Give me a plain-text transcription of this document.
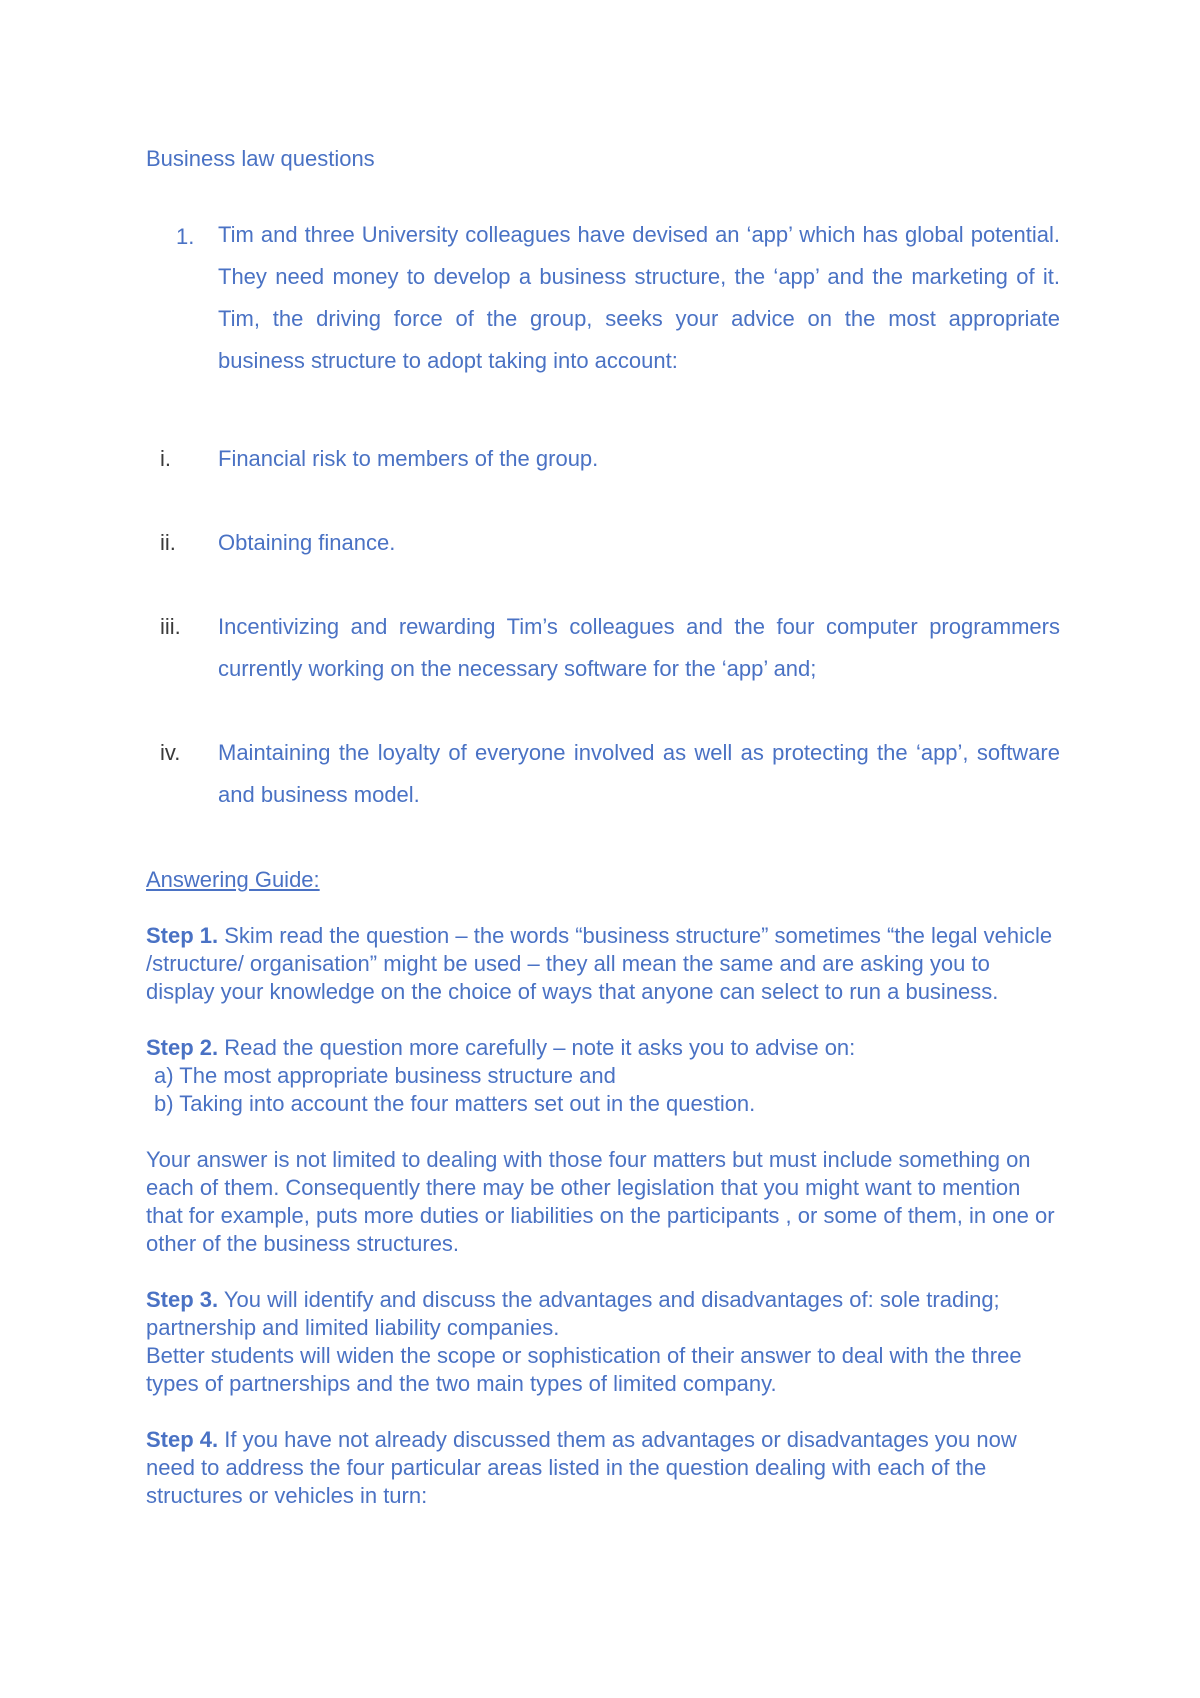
Business law questions
1.	Tim and three University colleagues have devised an ‘app’ which has global potential. They need money to develop a business structure, the ‘app’ and the marketing of it. Tim, the driving force of the group, seeks your advice on the most appropriate business structure to adopt taking into account:
i.	Financial risk to members of the group.
ii.	Obtaining finance.
iii.	Incentivizing and rewarding Tim’s colleagues and the four computer programmers currently working on the necessary software for the ‘app’ and;
iv.	Maintaining the loyalty of everyone involved as well as protecting the ‘app’, software and business model.
Answering Guide:

Step 1. Skim read the question – the words “business structure” sometimes “the legal vehicle /structure/ organisation” might be used – they all mean the same and are asking you to display your knowledge on the choice of ways that anyone can select to run a business.

Step 2. Read the question more carefully – note it asks you to advise on:
a) The most appropriate business structure and
b) Taking into account the four matters set out in the question.

Your answer is not limited to dealing with those four matters but must include something on each of them. Consequently there may be other legislation that you might want to mention that for example, puts more duties or liabilities on the participants , or some of them, in one or other of the business structures.

Step 3. You will identify and discuss the advantages and disadvantages of: sole trading; partnership and limited liability companies.
Better students will widen the scope or sophistication of their answer to deal with the three types of partnerships and the two main types of limited company.

Step 4. If you have not already discussed them as advantages or disadvantages you now need to address the four particular areas listed in the question dealing with each of the structures or vehicles in turn:
